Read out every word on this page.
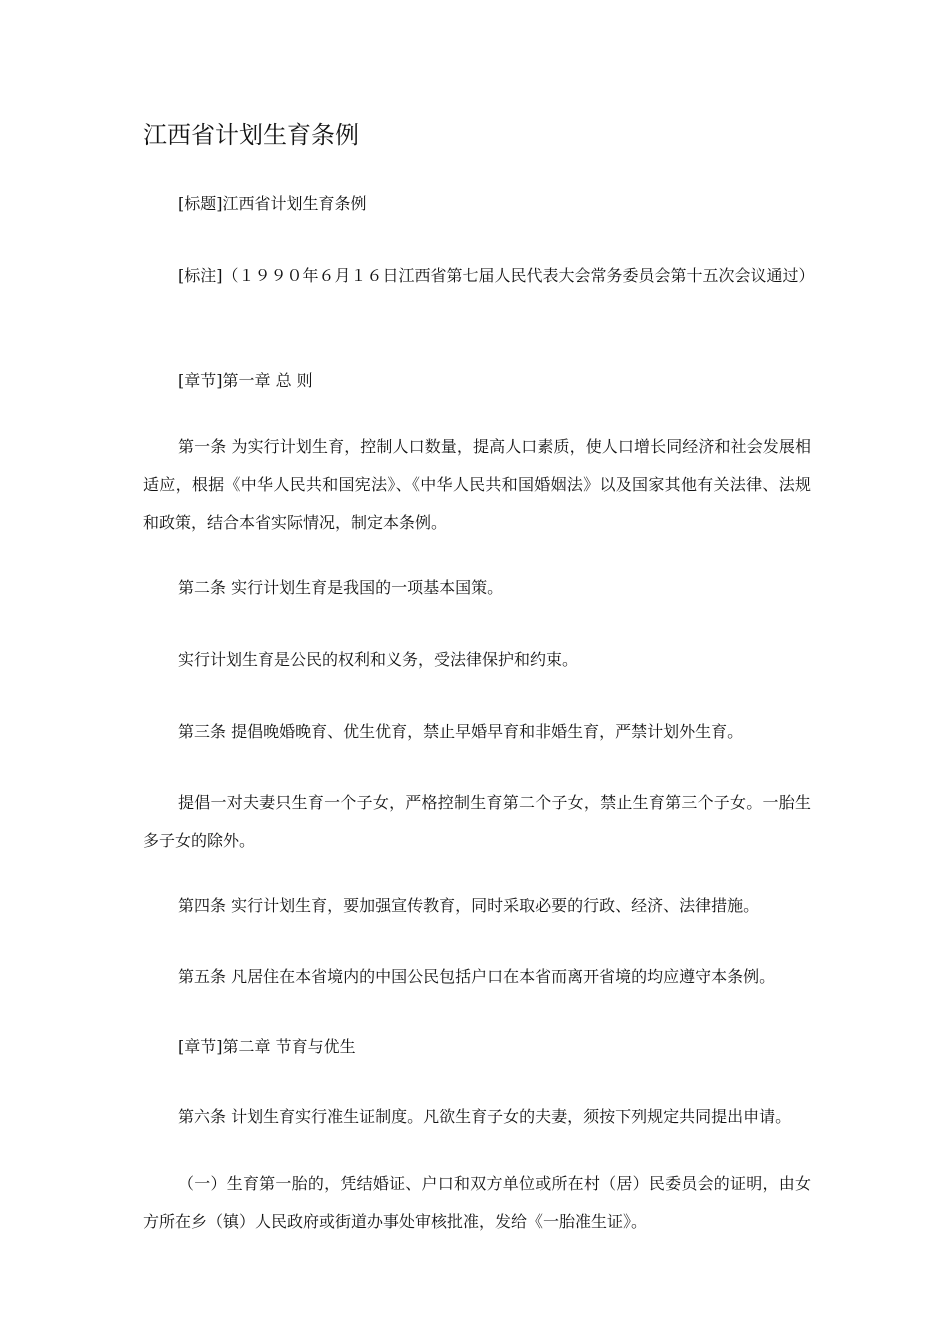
江西省计划生育条例

[标题]江西省计划生育条例

[标注]（１９９０年６月１６日江西省第七届人民代表大会常务委员会第十五次会议通过）

[章节]第一章 总 则

第一条 为实行计划生育，控制人口数量，提高人口素质，使人口增长同经济和社会发展相适应，根据《中华人民共和国宪法》、《中华人民共和国婚姻法》以及国家其他有关法律、法规和政策，结合本省实际情况，制定本条例。

第二条 实行计划生育是我国的一项基本国策。

实行计划生育是公民的权利和义务，受法律保护和约束。

第三条 提倡晚婚晚育、优生优育，禁止早婚早育和非婚生育，严禁计划外生育。

提倡一对夫妻只生育一个子女，严格控制生育第二个子女，禁止生育第三个子女。一胎生多子女的除外。

第四条 实行计划生育，要加强宣传教育，同时采取必要的行政、经济、法律措施。

第五条 凡居住在本省境内的中国公民包括户口在本省而离开省境的均应遵守本条例。

[章节]第二章 节育与优生

第六条 计划生育实行准生证制度。凡欲生育子女的夫妻，须按下列规定共同提出申请。

（一）生育第一胎的，凭结婚证、户口和双方单位或所在村（居）民委员会的证明，由女方所在乡（镇）人民政府或街道办事处审核批准，发给《一胎准生证》。
